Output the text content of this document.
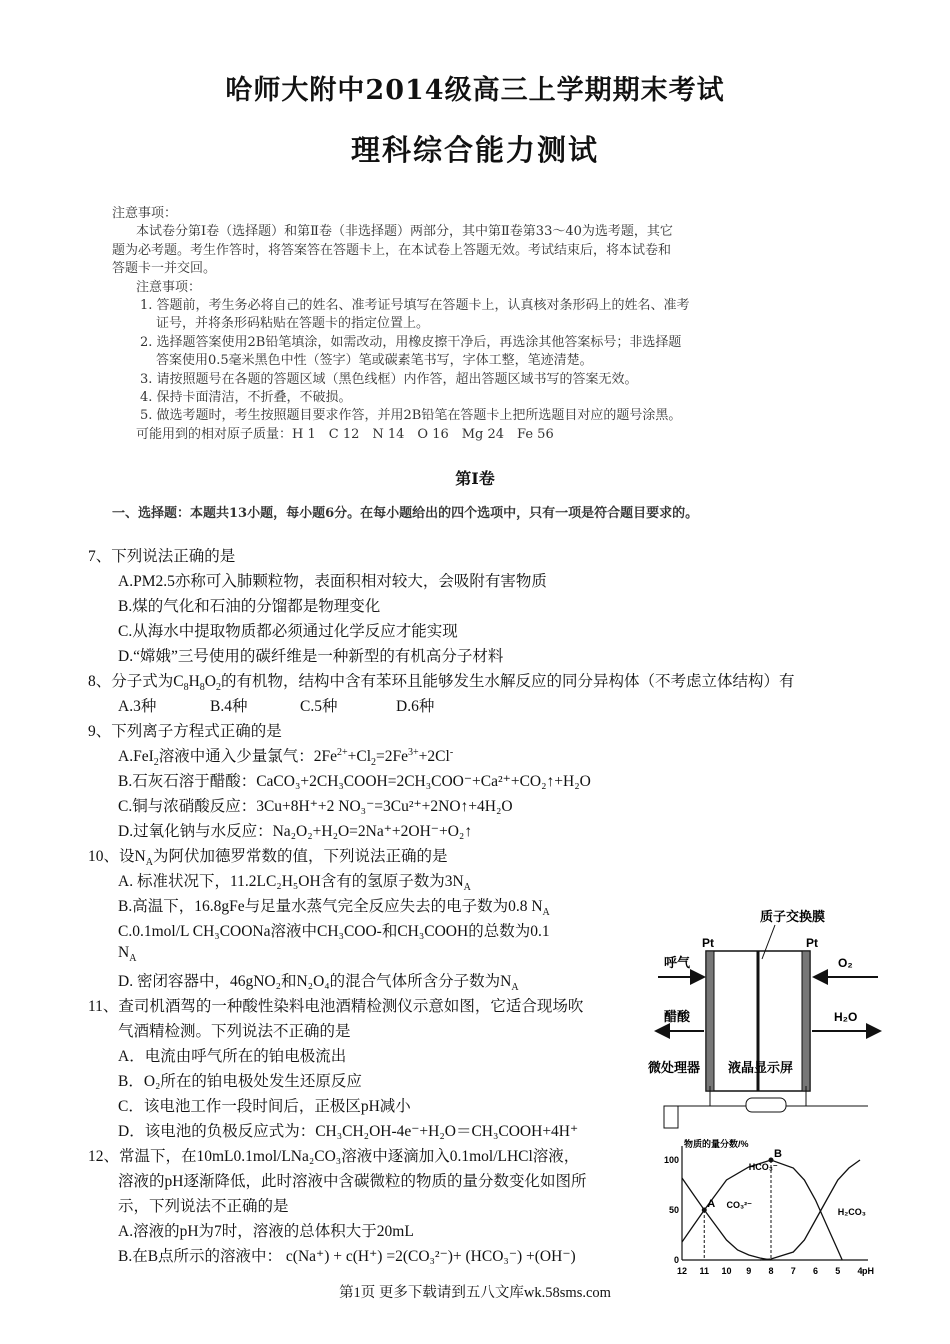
哈师大附中2014级高三上学期期末考试
理科综合能力测试
注意事项：
本试卷分第Ⅰ卷（选择题）和第Ⅱ卷（非选择题）两部分，其中第Ⅱ卷第33～40为选考题，其它
题为必考题。考生作答时，将答案答在答题卡上，在本试卷上答题无效。考试结束后，将本试卷和
答题卡一并交回。
注意事项：
1. 答题前，考生务必将自己的姓名、准考证号填写在答题卡上，认真核对条形码上的姓名、准考
证号，并将条形码粘贴在答题卡的指定位置上。
2. 选择题答案使用2B铅笔填涂，如需改动，用橡皮擦干净后，再选涂其他答案标号；非选择题
答案使用0.5毫米黑色中性（签字）笔或碳素笔书写，字体工整，笔迹清楚。
3. 请按照题号在各题的答题区域（黑色线框）内作答，超出答题区域书写的答案无效。
4. 保持卡面清洁，不折叠，不破损。
5. 做选考题时，考生按照题目要求作答，并用2B铅笔在答题卡上把所选题目对应的题号涂黑。
可能用到的相对原子质量：H 1　C 12　N 14　O 16　Mg 24　Fe 56
第Ⅰ卷
一、选择题：本题共13小题，每小题6分。在每小题给出的四个选项中，只有一项是符合题目要求的。
7、下列说法正确的是
A.PM2.5亦称可入肺颗粒物，表面积相对较大，会吸附有害物质
B.煤的气化和石油的分馏都是物理变化
C.从海水中提取物质都必须通过化学反应才能实现
D.“嫦娥”三号使用的碳纤维是一种新型的有机高分子材料
8、分子式为$C_8H_8O_2$的有机物，结构中含有苯环且能够发生水解反应的同分异构体（不考虑立体结构）有
A.3种	B.4种	C.5种	D.6种
9、下列离子方程式正确的是
A.FeI$_2$溶液中通入少量氯气：$2Fe^{2+}+Cl_2=2Fe^{3+}+2Cl^-$
B.石灰石溶于醋酸：CaCO₃+2CH₃COOH=2CH₃COO⁻+Ca²⁺+CO₂↑+H₂O
C.铜与浓硝酸反应：3Cu+8H⁺+2 NO₃⁻=3Cu²⁺+2NO↑+4H₂O
D.过氧化钠与水反应：Na₂O₂+H₂O=2Na⁺+2OH⁻+O₂↑
10、设$N_A$为阿伏加德罗常数的值，下列说法正确的是
A. 标准状况下，11.2LC₂H₅OH含有的氢原子数为$3N_A$
B.高温下，16.8gFe与足量水蒸气完全反应失去的电子数为0.8 $N_A$
C.0.1mol/L CH₃COONa溶液中CH₃COO-和CH₃COOH的总数为0.1
$N_A$
D. 密闭容器中，46gNO₂和N₂O₄的混合气体所含分子数为$N_A$
11、查司机酒驾的一种酸性染料电池酒精检测仪示意如图，它适合现场吹
气酒精检测。下列说法不正确的是
A．电流由呼气所在的铂电极流出
B．O₂所在的铂电极处发生还原反应
C．该电池工作一段时间后，正极区pH减小
D．该电池的负极反应式为：CH₃CH₂OH-4e⁻+H₂O＝CH₃COOH+4H⁺
12、常温下，在10mL0.1mol/LNa₂CO₃溶液中逐滴加入0.1mol/LHCl溶液，
溶液的pH逐渐降低，此时溶液中含碳微粒的物质的量分数变化如图所
示，下列说法不正确的是
A.溶液的pH为7时，溶液的总体积大于20mL
B.在B点所示的溶液中： c(Na⁺) + c(H⁺) =2(CO₃²⁻)+ (HCO₃⁻) +(OH⁻)
质子交换膜
Pt	Pt
呼气	O₂
醋酸	H₂O
微处理器 液晶显示屏
物质的量分数/%
pH
12 11 10 9 8 7 6 5 4
0
50
100
CO₃²⁻
HCO₃⁻
H₂CO₃
A
B
第1页 更多下载请到五八文库wk.58sms.com
